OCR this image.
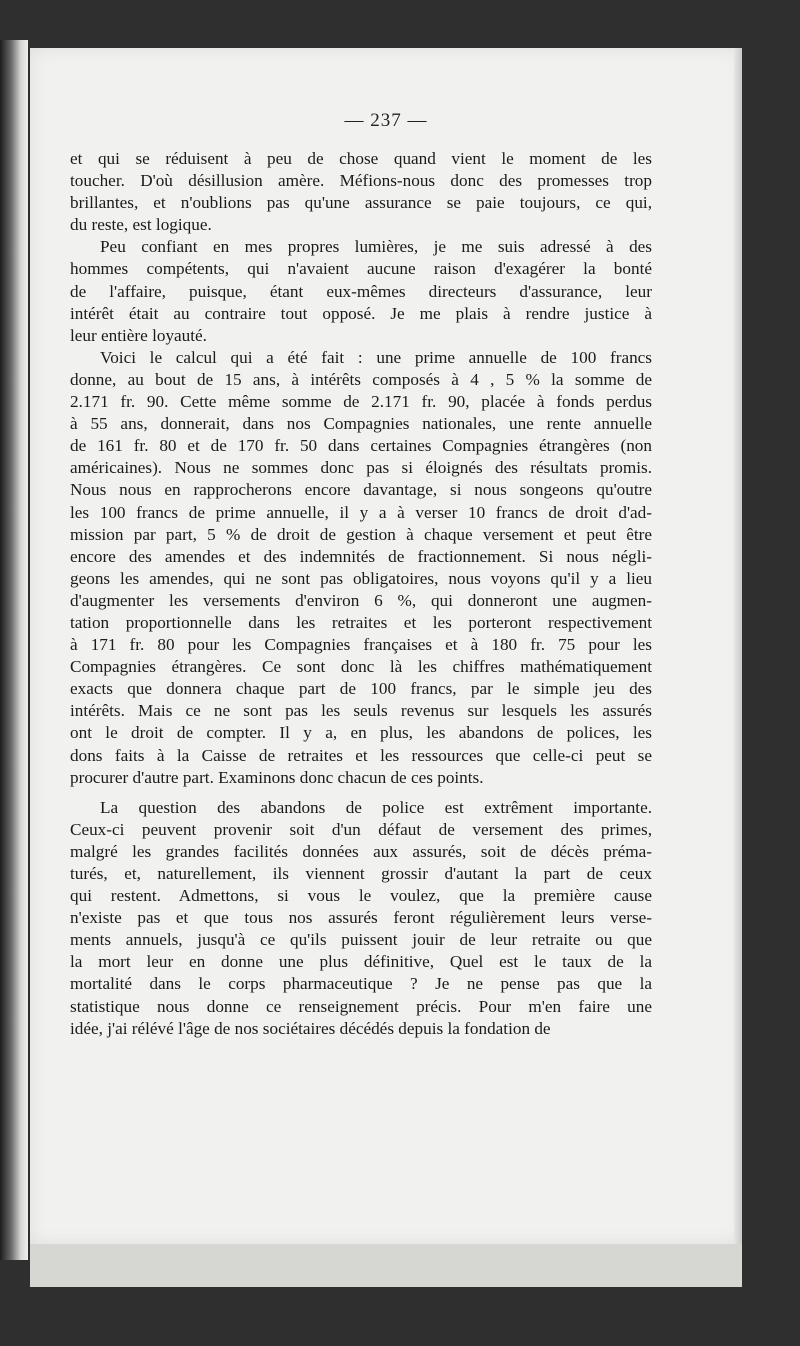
— 237 —

et qui se réduisent à peu de chose quand vient le moment de les
toucher. D'où désillusion amère. Méfions-nous donc des promesses trop
brillantes, et n'oublions pas qu'une assurance se paie toujours, ce qui,
du reste, est logique.

Peu confiant en mes propres lumières, je me suis adressé à des
hommes compétents, qui n'avaient aucune raison d'exagérer la bonté
de l'affaire, puisque, étant eux-mêmes directeurs d'assurance, leur
intérêt était au contraire tout opposé. Je me plais à rendre justice à
leur entière loyauté.

Voici le calcul qui a été fait : une prime annuelle de 100 francs
donne, au bout de 15 ans, à intérêts composés à 4 , 5 % la somme de
2.171 fr. 90. Cette même somme de 2.171 fr. 90, placée à fonds perdus
à 55 ans, donnerait, dans nos Compagnies nationales, une rente annuelle
de 161 fr. 80 et de 170 fr. 50 dans certaines Compagnies étrangères (non
américaines). Nous ne sommes donc pas si éloignés des résultats promis.
Nous nous en rapprocherons encore davantage, si nous songeons qu'outre
les 100 francs de prime annuelle, il y a à verser 10 francs de droit d'ad-
mission par part, 5 % de droit de gestion à chaque versement et peut être
encore des amendes et des indemnités de fractionnement. Si nous négli-
geons les amendes, qui ne sont pas obligatoires, nous voyons qu'il y a lieu
d'augmenter les versements d'environ 6 %, qui donneront une augmen-
tation proportionnelle dans les retraites et les porteront respectivement
à 171 fr. 80 pour les Compagnies françaises et à 180 fr. 75 pour les
Compagnies étrangères. Ce sont donc là les chiffres mathématiquement
exacts que donnera chaque part de 100 francs, par le simple jeu des
intérêts. Mais ce ne sont pas les seuls revenus sur lesquels les assurés
ont le droit de compter. Il y a, en plus, les abandons de polices, les
dons faits à la Caisse de retraites et les ressources que celle-ci peut se
procurer d'autre part. Examinons donc chacun de ces points.

La question des abandons de police est extrêment importante.
Ceux-ci peuvent provenir soit d'un défaut de versement des primes,
malgré les grandes facilités données aux assurés, soit de décès préma-
turés, et, naturellement, ils viennent grossir d'autant la part de ceux
qui restent. Admettons, si vous le voulez, que la première cause
n'existe pas et que tous nos assurés feront régulièrement leurs verse-
ments annuels, jusqu'à ce qu'ils puissent jouir de leur retraite ou que
la mort leur en donne une plus définitive, Quel est le taux de la
mortalité dans le corps pharmaceutique ? Je ne pense pas que la
statistique nous donne ce renseignement précis. Pour m'en faire une
idée, j'ai rélévé l'âge de nos sociétaires décédés depuis la fondation de
